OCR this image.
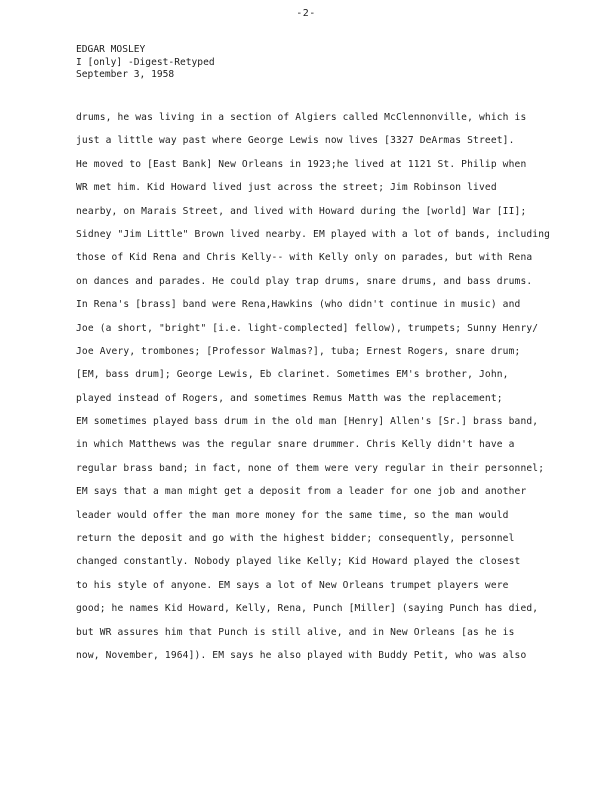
-2-
EDGAR MOSLEY
I [only] -Digest-Retyped
September 3, 1958
drums, he was living in a section of Algiers called McClennonville, which is
just a little way past where George Lewis now lives [3327 DeArmas Street].
He moved to [East Bank] New Orleans in 1923;he lived at 1121 St. Philip when
WR met him. Kid Howard lived just across the street; Jim Robinson lived
nearby, on Marais Street, and lived with Howard during the [world] War [II];
Sidney "Jim Little" Brown lived nearby. EM played with a lot of bands, including
those of Kid Rena and Chris Kelly-- with Kelly only on parades, but with Rena
on dances and parades. He could play trap drums, snare drums, and bass drums.
In Rena's [brass] band were Rena,Hawkins (who didn't continue in music) and
Joe (a short, "bright" [i.e. light-complected] fellow), trumpets; Sunny Henry/
Joe Avery, trombones; [Professor Walmas?], tuba; Ernest Rogers, snare drum;
[EM, bass drum]; George Lewis, Eb clarinet. Sometimes EM's brother, John,
played instead of Rogers, and sometimes Remus Matth was the replacement;
EM sometimes played bass drum in the old man [Henry] Allen's [Sr.] brass band,
in which Matthews was the regular snare drummer. Chris Kelly didn't have a
regular brass band; in fact, none of them were very regular in their personnel;
EM says that a man might get a deposit from a leader for one job and another
leader would offer the man more money for the same time, so the man would
return the deposit and go with the highest bidder; consequently, personnel
changed constantly. Nobody played like Kelly; Kid Howard played the closest
to his style of anyone. EM says a lot of New Orleans trumpet players were
good; he names Kid Howard, Kelly, Rena, Punch [Miller] (saying Punch has died,
but WR assures him that Punch is still alive, and in New Orleans [as he is
now, November, 1964]). EM says he also played with Buddy Petit, who was also
